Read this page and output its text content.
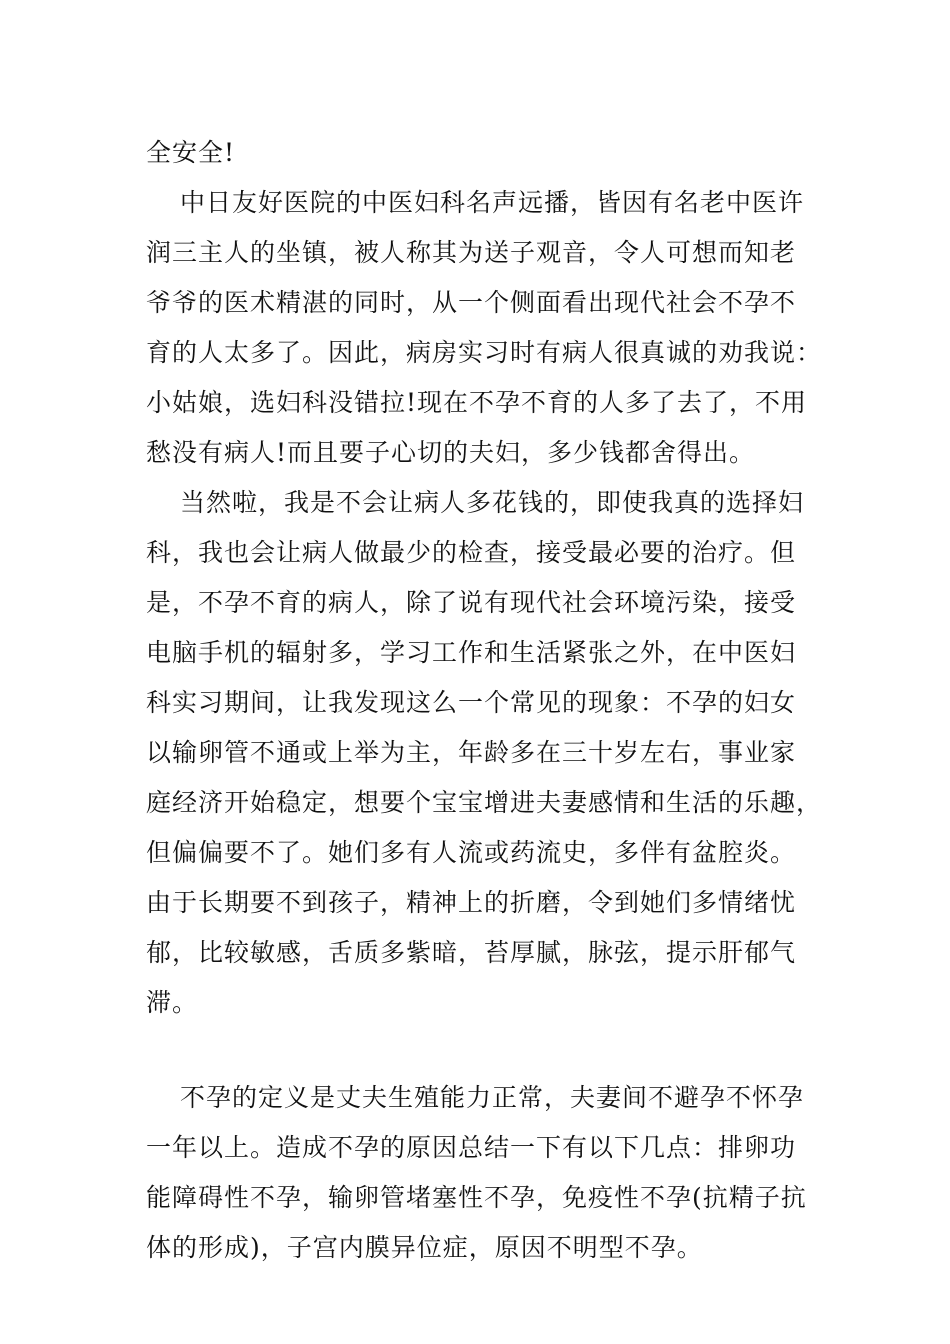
全安全!
中日友好医院的中医妇科名声远播，皆因有名老中医许
润三主人的坐镇，被人称其为送子观音，令人可想而知老
爷爷的医术精湛的同时，从一个侧面看出现代社会不孕不
育的人太多了。因此，病房实习时有病人很真诚的劝我说：
小姑娘，选妇科没错拉!现在不孕不育的人多了去了，不用
愁没有病人!而且要子心切的夫妇，多少钱都舍得出。
当然啦，我是不会让病人多花钱的，即使我真的选择妇
科，我也会让病人做最少的检查，接受最必要的治疗。但
是，不孕不育的病人，除了说有现代社会环境污染，接受
电脑手机的辐射多，学习工作和生活紧张之外，在中医妇
科实习期间，让我发现这么一个常见的现象：不孕的妇女
以输卵管不通或上举为主，年龄多在三十岁左右，事业家
庭经济开始稳定，想要个宝宝增进夫妻感情和生活的乐趣，
但偏偏要不了。她们多有人流或药流史，多伴有盆腔炎。
由于长期要不到孩子，精神上的折磨，令到她们多情绪忧
郁，比较敏感，舌质多紫暗，苔厚腻，脉弦，提示肝郁气
滞。
不孕的定义是丈夫生殖能力正常，夫妻间不避孕不怀孕
一年以上。造成不孕的原因总结一下有以下几点：排卵功
能障碍性不孕，输卵管堵塞性不孕，免疫性不孕(抗精子抗
体的形成)，子宫内膜异位症，原因不明型不孕。
